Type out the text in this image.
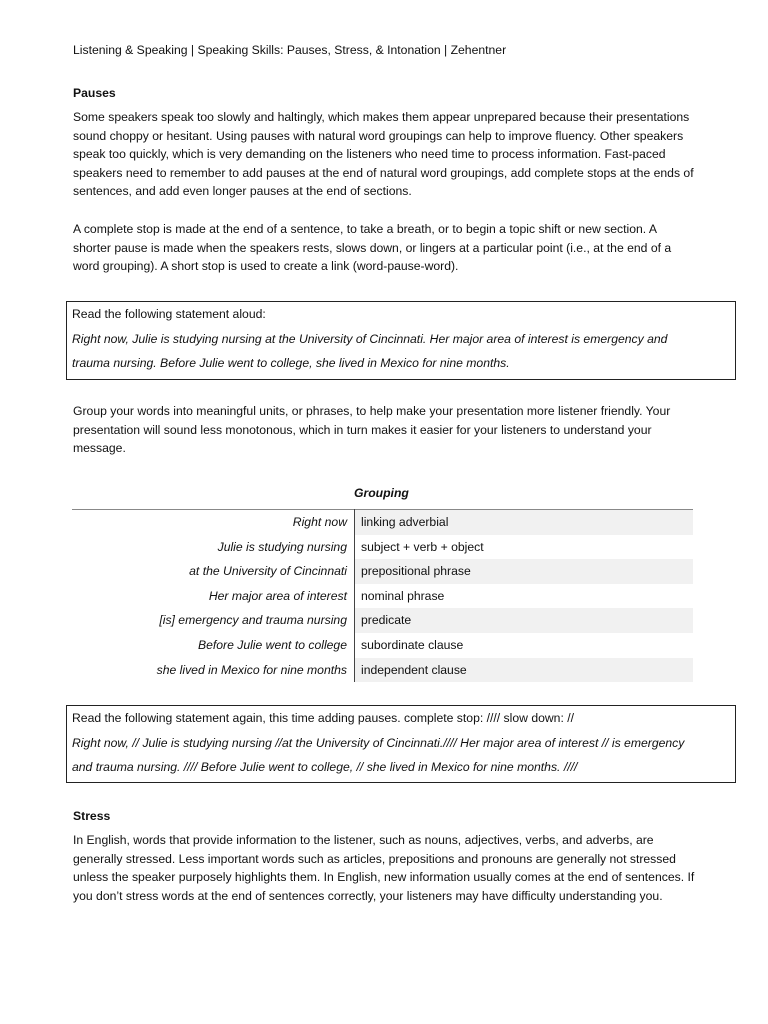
Listening & Speaking | Speaking Skills: Pauses, Stress, & Intonation | Zehentner
Pauses
Some speakers speak too slowly and haltingly, which makes them appear unprepared because their presentations
sound choppy or hesitant. Using pauses with natural word groupings can help to improve fluency. Other speakers
speak too quickly, which is very demanding on the listeners who need time to process information. Fast-paced
speakers need to remember to add pauses at the end of natural word groupings, add complete stops at the ends of
sentences, and add even longer pauses at the end of sections.
A complete stop is made at the end of a sentence, to take a breath, or to begin a topic shift or new section. A
shorter pause is made when the speakers rests, slows down, or lingers at a particular point (i.e., at the end of a
word grouping). A short stop is used to create a link (word-pause-word).
Read the following statement aloud:
Right now, Julie is studying nursing at the University of Cincinnati. Her major area of interest is emergency and
trauma nursing. Before Julie went to college, she lived in Mexico for nine months.
Group your words into meaningful units, or phrases, to help make your presentation more listener friendly. Your
presentation will sound less monotonous, which in turn makes it easier for your listeners to understand your
message.
Grouping
Right now	linking adverbial
Julie is studying nursing	subject + verb + object
at the University of Cincinnati	prepositional phrase
Her major area of interest	nominal phrase
[is] emergency and trauma nursing	predicate
Before Julie went to college	subordinate clause
she lived in Mexico for nine months	independent clause
Read the following statement again, this time adding pauses. complete stop: //// slow down: //
Right now, // Julie is studying nursing //at the University of Cincinnati.//// Her major area of interest // is emergency
and trauma nursing. //// Before Julie went to college, // she lived in Mexico for nine months. ////
Stress
In English, words that provide information to the listener, such as nouns, adjectives, verbs, and adverbs, are
generally stressed. Less important words such as articles, prepositions and pronouns are generally not stressed
unless the speaker purposely highlights them. In English, new information usually comes at the end of sentences. If
you don’t stress words at the end of sentences correctly, your listeners may have difficulty understanding you.
